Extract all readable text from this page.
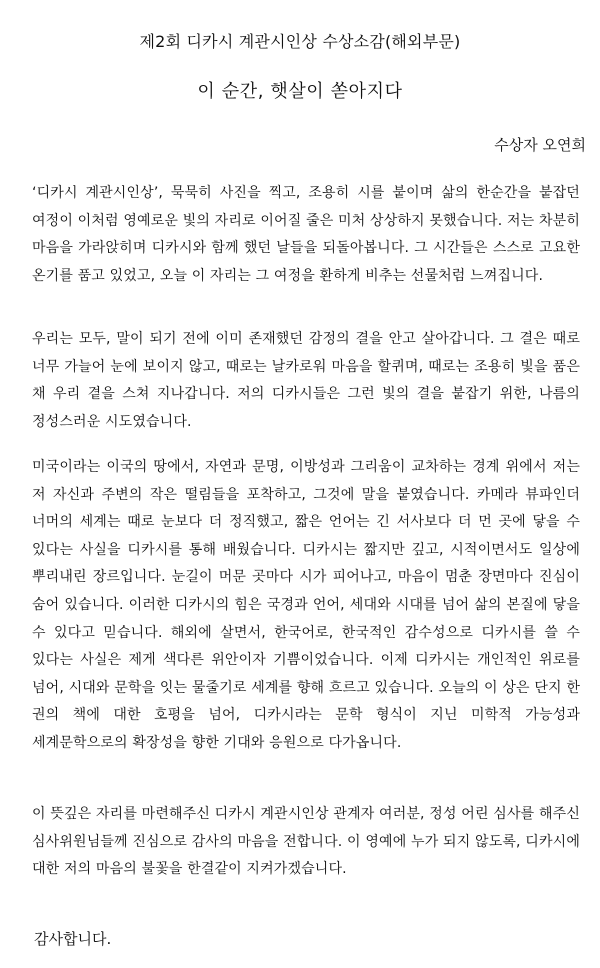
제2회 디카시 계관시인상 수상소감(해외부문)
이 순간, 햇살이 쏟아지다
수상자 오연희

‘디카시 계관시인상’, 묵묵히 사진을 찍고, 조용히 시를 붙이며 삶의 한순간을 붙잡던 여정이 이처럼 영예로운 빛의 자리로 이어질 줄은 미처 상상하지 못했습니다. 저는 차분히 마음을 가라앉히며 디카시와 함께 했던 날들을 되돌아봅니다. 그 시간들은 스스로 고요한 온기를 품고 있었고, 오늘 이 자리는 그 여정을 환하게 비추는 선물처럼 느껴집니다.

우리는 모두, 말이 되기 전에 이미 존재했던 감정의 결을 안고 살아갑니다. 그 결은 때로 너무 가늘어 눈에 보이지 않고, 때로는 날카로워 마음을 할퀴며, 때로는 조용히 빛을 품은 채 우리 곁을 스쳐 지나갑니다. 저의 디카시들은 그런 빛의 결을 붙잡기 위한, 나름의 정성스러운 시도였습니다.

미국이라는 이국의 땅에서, 자연과 문명, 이방성과 그리움이 교차하는 경계 위에서 저는 저 자신과 주변의 작은 떨림들을 포착하고, 그것에 말을 붙였습니다. 카메라 뷰파인더 너머의 세계는 때로 눈보다 더 정직했고, 짧은 언어는 긴 서사보다 더 먼 곳에 닿을 수 있다는 사실을 디카시를 통해 배웠습니다. 디카시는 짧지만 깊고, 시적이면서도 일상에 뿌리내린 장르입니다. 눈길이 머문 곳마다 시가 피어나고, 마음이 멈춘 장면마다 진심이 숨어 있습니다. 이러한 디카시의 힘은 국경과 언어, 세대와 시대를 넘어 삶의 본질에 닿을 수 있다고 믿습니다. 해외에 살면서, 한국어로, 한국적인 감수성으로 디카시를 쓸 수 있다는 사실은 제게 색다른 위안이자 기쁨이었습니다. 이제 디카시는 개인적인 위로를 넘어, 시대와 문학을 잇는 물줄기로 세계를 향해 흐르고 있습니다. 오늘의 이 상은 단지 한 권의 책에 대한 호평을 넘어, 디카시라는 문학 형식이 지닌 미학적 가능성과 세계문학으로의 확장성을 향한 기대와 응원으로 다가옵니다.

이 뜻깊은 자리를 마련해주신 디카시 계관시인상 관계자 여러분, 정성 어린 심사를 해주신 심사위원님들께 진심으로 감사의 마음을 전합니다. 이 영예에 누가 되지 않도록, 디카시에 대한 저의 마음의 불꽃을 한결같이 지켜가겠습니다.

감사합니다.
